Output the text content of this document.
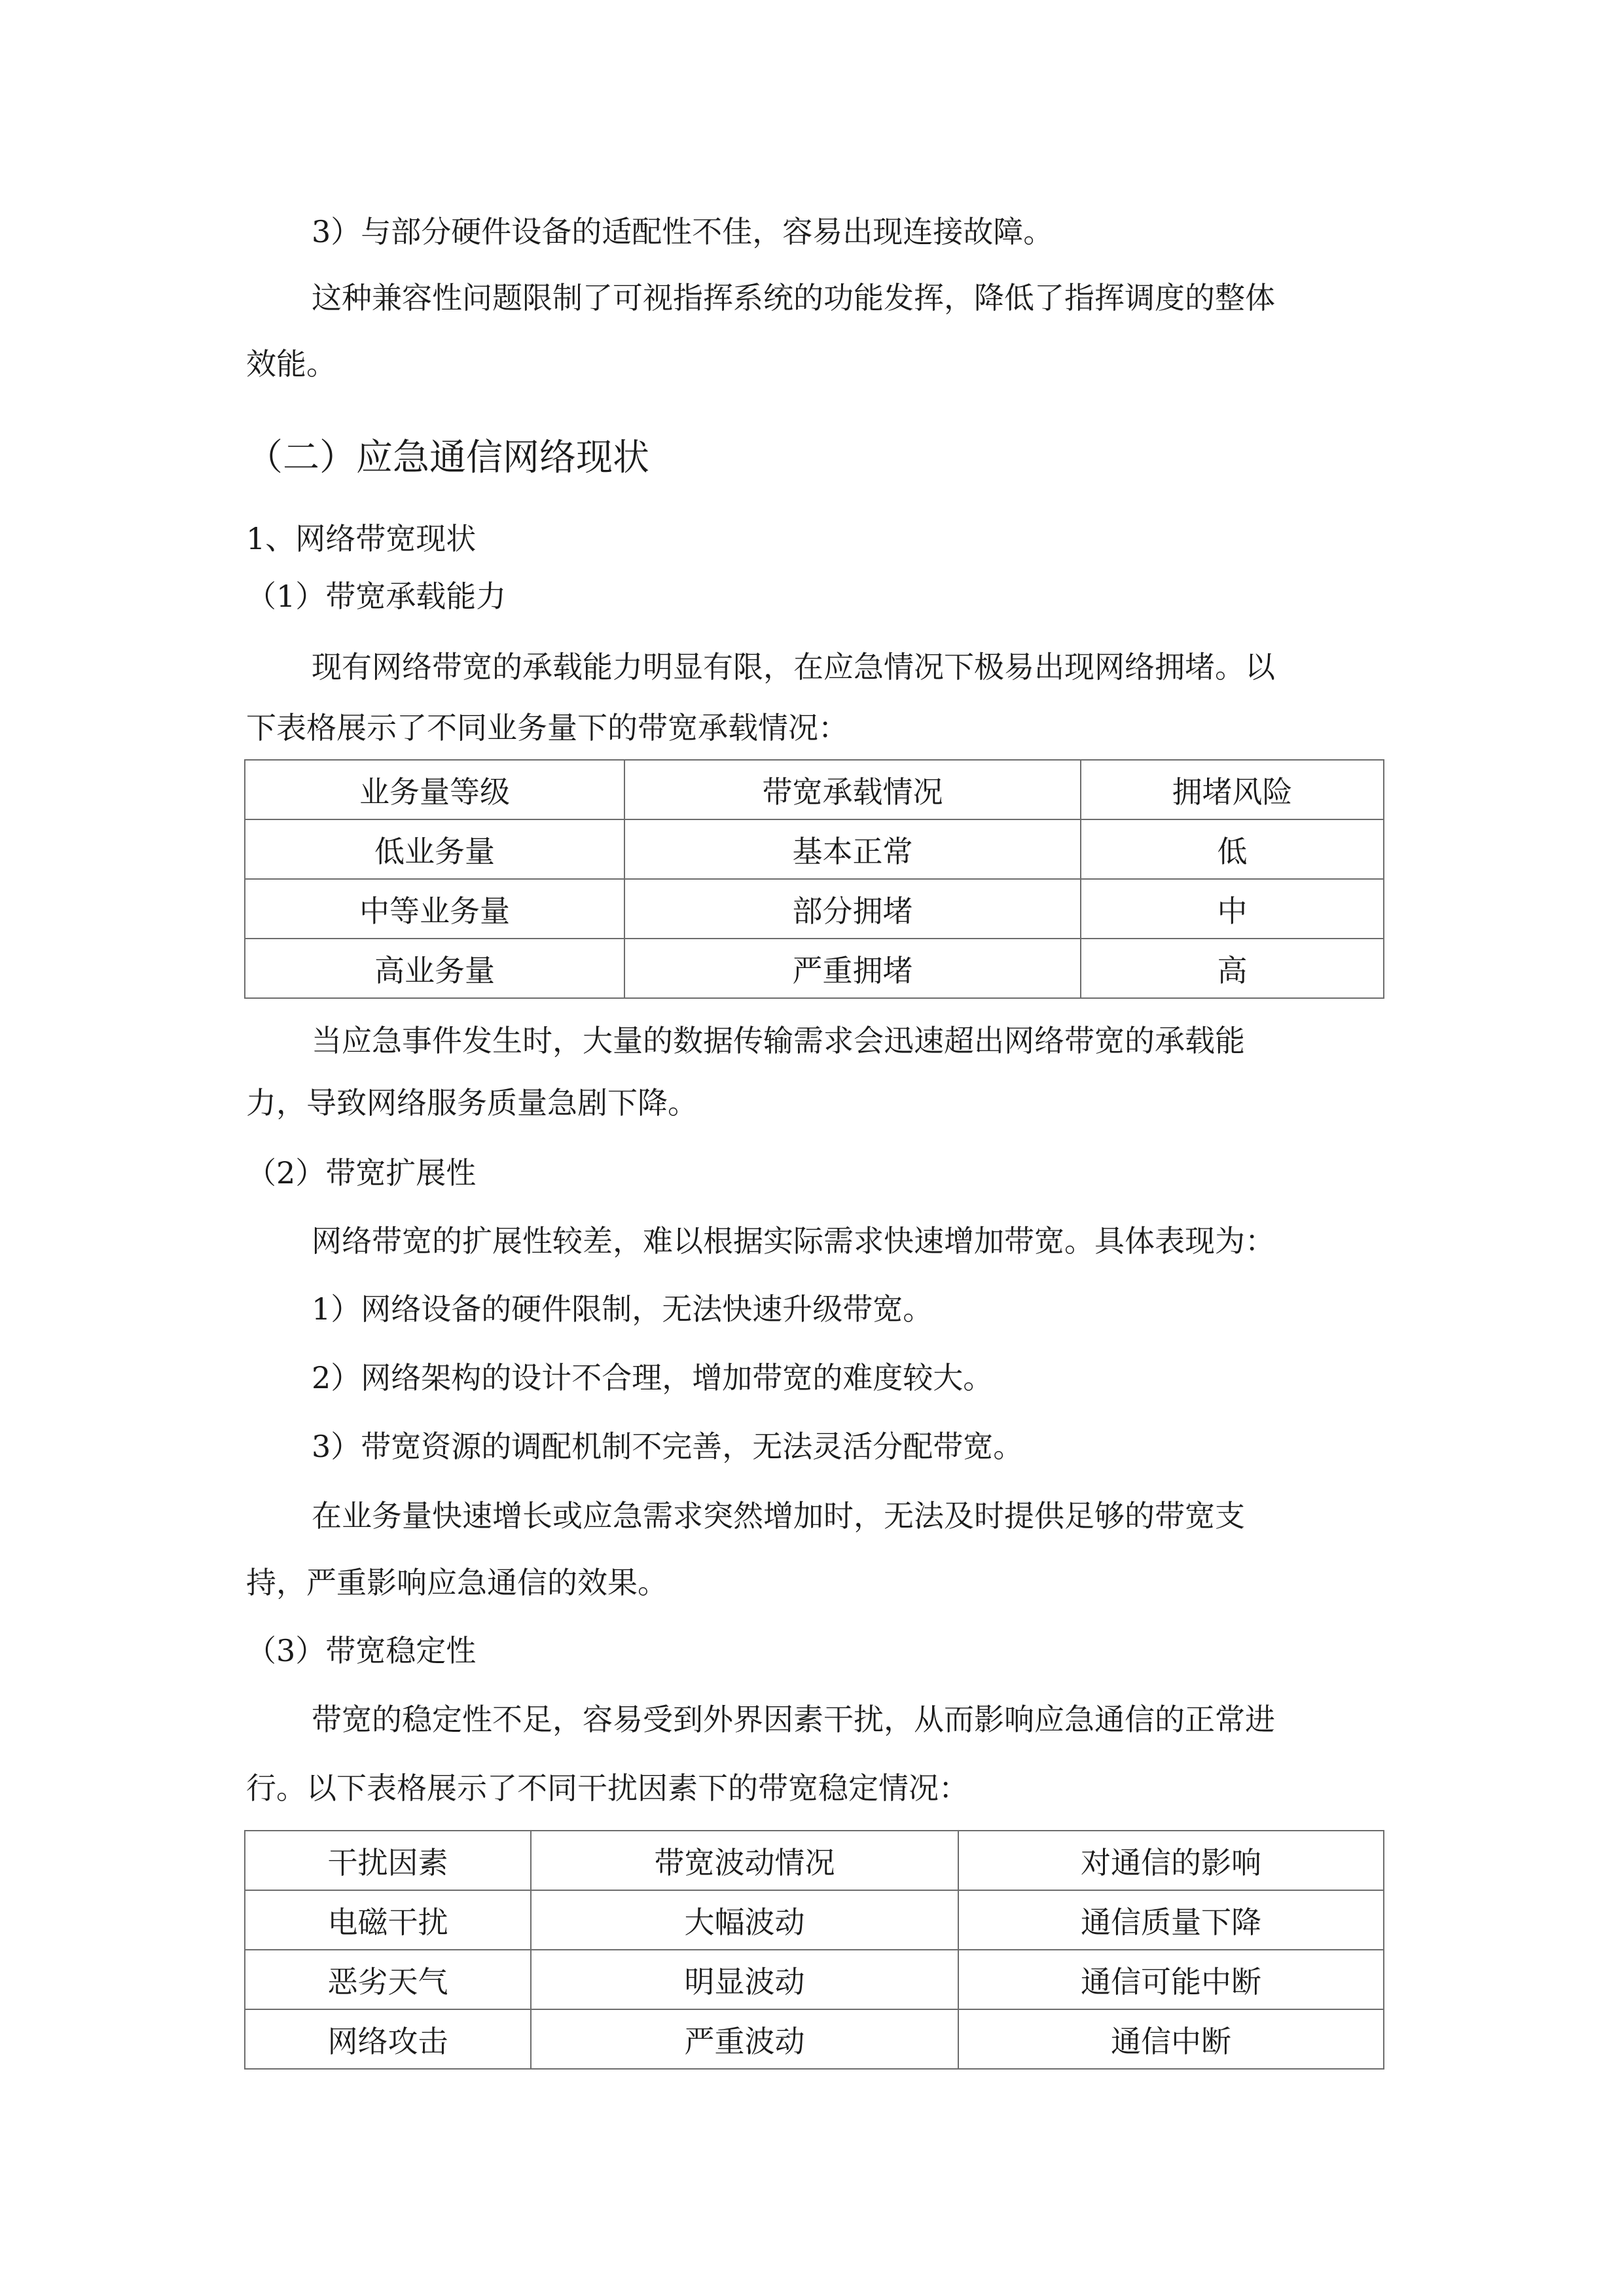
3）与部分硬件设备的适配性不佳，容易出现连接故障。
这种兼容性问题限制了可视指挥系统的功能发挥，降低了指挥调度的整体
效能。
（二）应急通信网络现状
1、网络带宽现状
（1）带宽承载能力
现有网络带宽的承载能力明显有限，在应急情况下极易出现网络拥堵。以
下表格展示了不同业务量下的带宽承载情况：
业务量等级	带宽承载情况	拥堵风险
低业务量	基本正常	低
中等业务量	部分拥堵	中
高业务量	严重拥堵	高
当应急事件发生时，大量的数据传输需求会迅速超出网络带宽的承载能
力，导致网络服务质量急剧下降。
（2）带宽扩展性
网络带宽的扩展性较差，难以根据实际需求快速增加带宽。具体表现为：
1）网络设备的硬件限制，无法快速升级带宽。
2）网络架构的设计不合理，增加带宽的难度较大。
3）带宽资源的调配机制不完善，无法灵活分配带宽。
在业务量快速增长或应急需求突然增加时，无法及时提供足够的带宽支
持，严重影响应急通信的效果。
（3）带宽稳定性
带宽的稳定性不足，容易受到外界因素干扰，从而影响应急通信的正常进
行。以下表格展示了不同干扰因素下的带宽稳定情况：
干扰因素	带宽波动情况	对通信的影响
电磁干扰	大幅波动	通信质量下降
恶劣天气	明显波动	通信可能中断
网络攻击	严重波动	通信中断
